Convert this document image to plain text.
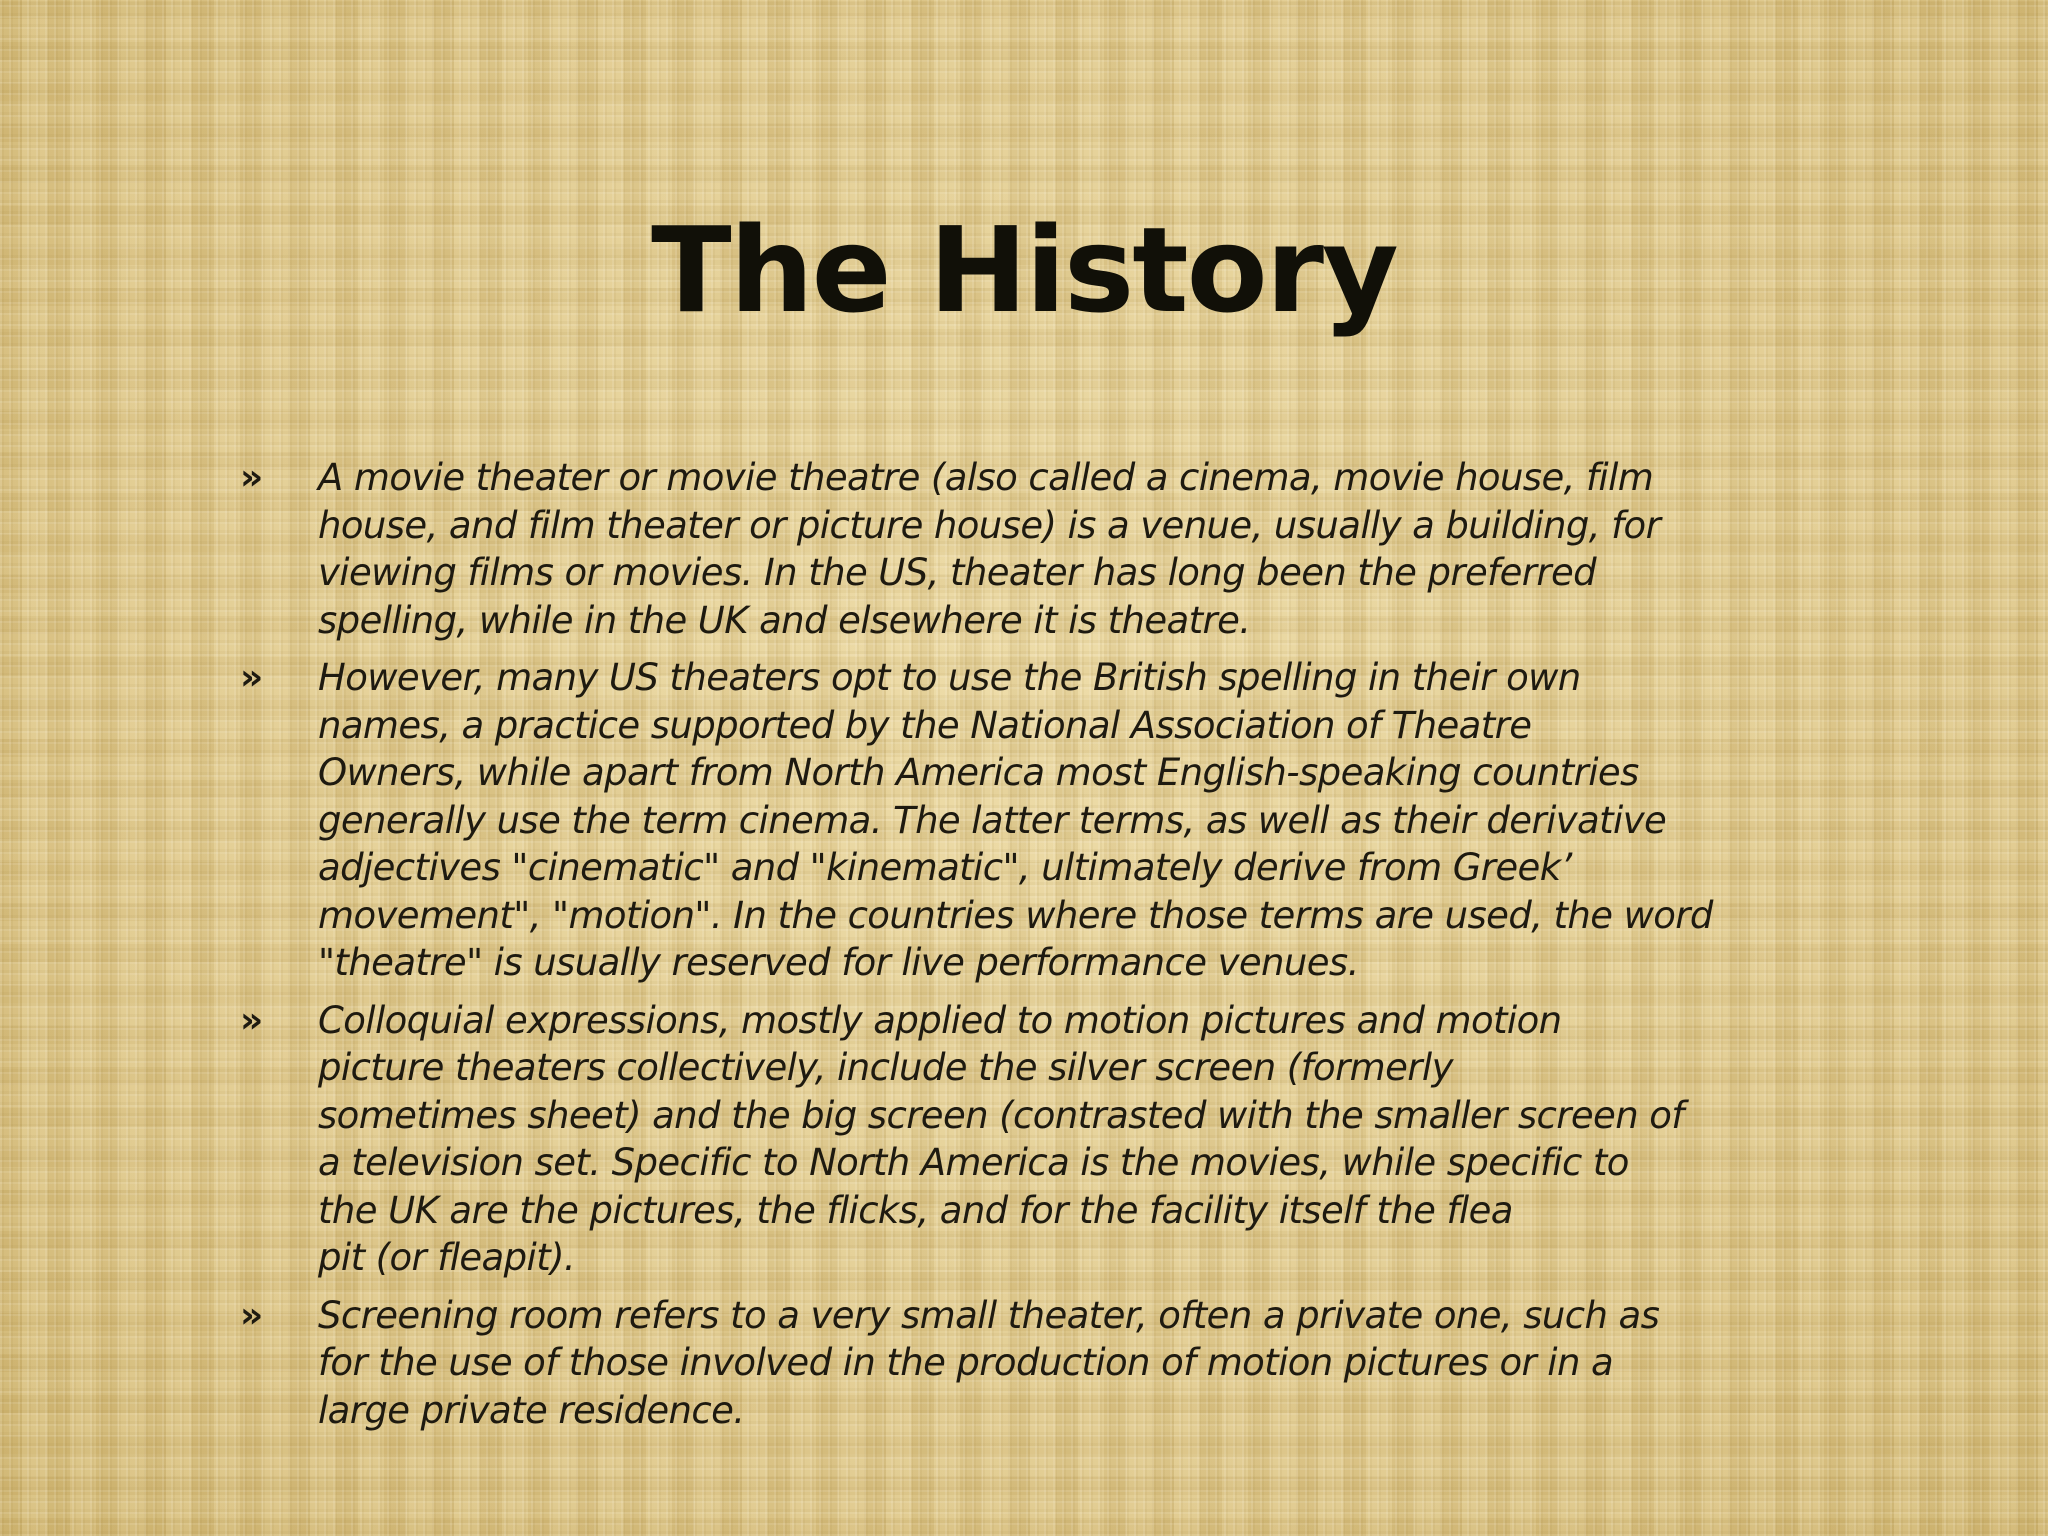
The History
» A movie theater or movie theatre (also called a cinema, movie house, film
house, and film theater or picture house) is a venue, usually a building, for
viewing films or movies. In the US, theater has long been the preferred
spelling, while in the UK and elsewhere it is theatre.
» However, many US theaters opt to use the British spelling in their own
names, a practice supported by the National Association of Theatre
Owners, while apart from North America most English-speaking countries
generally use the term cinema. The latter terms, as well as their derivative
adjectives "cinematic" and "kinematic", ultimately derive from Greek’
movement", "motion". In the countries where those terms are used, the word
"theatre" is usually reserved for live performance venues.
» Colloquial expressions, mostly applied to motion pictures and motion
picture theaters collectively, include the silver screen (formerly
sometimes sheet) and the big screen (contrasted with the smaller screen of
a television set. Specific to North America is the movies, while specific to
the UK are the pictures, the flicks, and for the facility itself the flea
pit (or fleapit).
» Screening room refers to a very small theater, often a private one, such as
for the use of those involved in the production of motion pictures or in a
large private residence.
